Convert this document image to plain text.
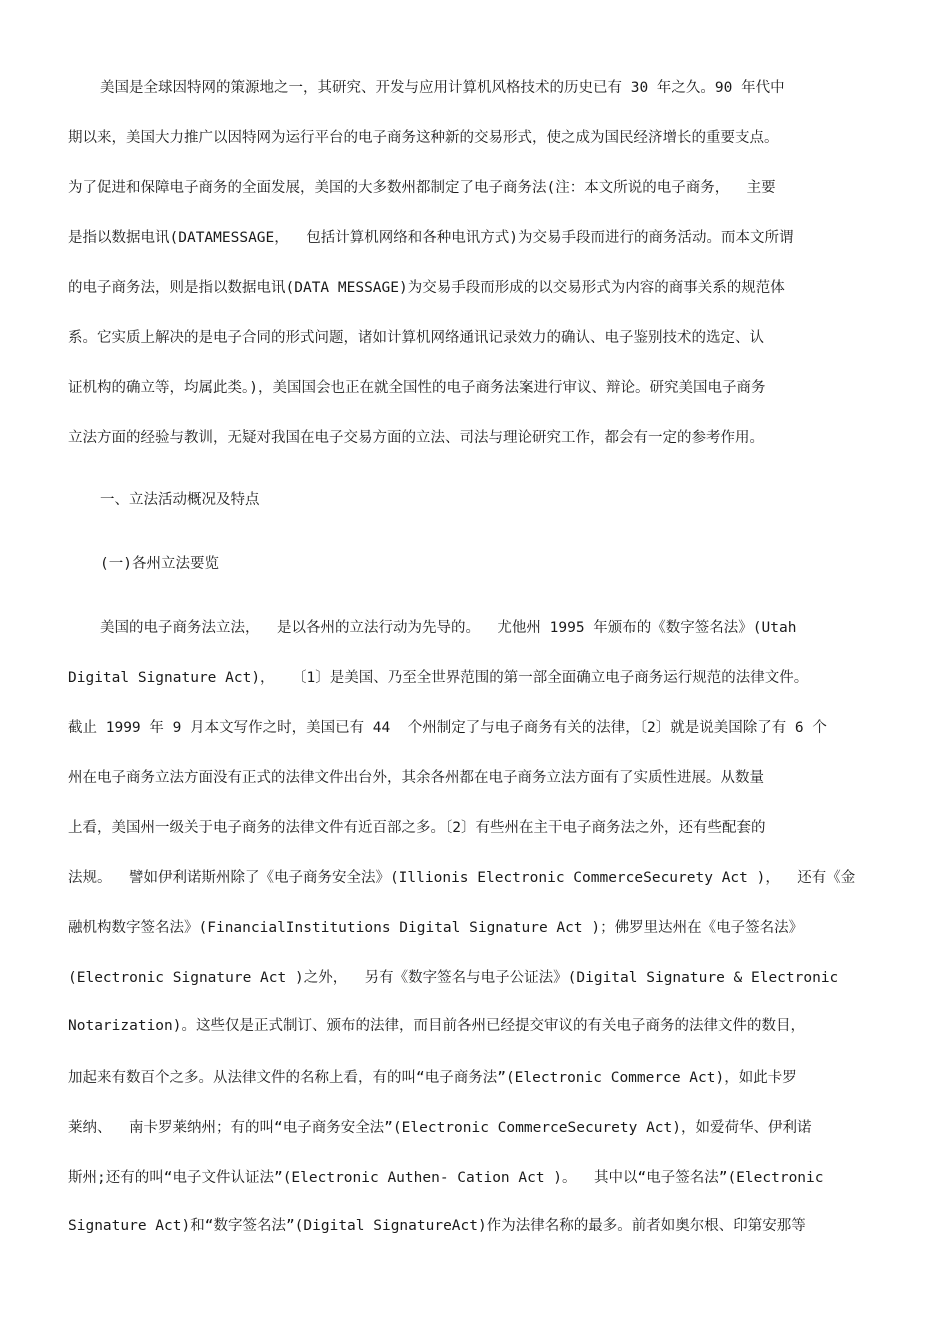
美国是全球因特网的策源地之一，其研究、开发与应用计算机风格技术的历史已有 30 年之久。90 年代中
期以来，美国大力推广以因特网为运行平台的电子商务这种新的交易形式，使之成为国民经济增长的重要支点。
为了促进和保障电子商务的全面发展，美国的大多数州都制定了电子商务法(注：本文所说的电子商务，  主要
是指以数据电讯(DATAMESSAGE，  包括计算机网络和各种电讯方式)为交易手段而进行的商务活动。而本文所谓
的电子商务法，则是指以数据电讯(DATA MESSAGE)为交易手段而形成的以交易形式为内容的商事关系的规范体
系。它实质上解决的是电子合同的形式问题，诸如计算机网络通讯记录效力的确认、电子鉴别技术的选定、认
证机构的确立等，均属此类。)，美国国会也正在就全国性的电子商务法案进行审议、辩论。研究美国电子商务
立法方面的经验与教训，无疑对我国在电子交易方面的立法、司法与理论研究工作，都会有一定的参考作用。
一、立法活动概况及特点
(一)各州立法要览
美国的电子商务法立法，  是以各州的立法行动为先导的。  尤他州 1995 年颁布的《数字签名法》(Utah
Digital Signature Act)，  〔1〕是美国、乃至全世界范围的第一部全面确立电子商务运行规范的法律文件。
截止 1999 年 9 月本文写作之时，美国已有 44  个州制定了与电子商务有关的法律，〔2〕就是说美国除了有 6 个
州在电子商务立法方面没有正式的法律文件出台外，其余各州都在电子商务立法方面有了实质性进展。从数量
上看，美国州一级关于电子商务的法律文件有近百部之多。〔2〕有些州在主干电子商务法之外，还有些配套的
法规。  譬如伊利诺斯州除了《电子商务安全法》(Illionis Electronic CommerceSecurety Act )，  还有《金
融机构数字签名法》(FinancialInstitutions Digital Signature Act )；佛罗里达州在《电子签名法》
(Electronic Signature Act )之外，  另有《数字签名与电子公证法》(Digital Signature & Electronic
Notarization)。这些仅是正式制订、颁布的法律，而目前各州已经提交审议的有关电子商务的法律文件的数目，
加起来有数百个之多。从法律文件的名称上看，有的叫“电子商务法”(Electronic Commerce Act)，如此卡罗
莱纳、  南卡罗莱纳州；有的叫“电子商务安全法”(Electronic CommerceSecurety Act)，如爱荷华、伊利诺
斯州;还有的叫“电子文件认证法”(Electronic Authen- Cation Act )。  其中以“电子签名法”(Electronic
Signature Act)和“数字签名法”(Digital SignatureAct)作为法律名称的最多。前者如奥尔根、印第安那等
